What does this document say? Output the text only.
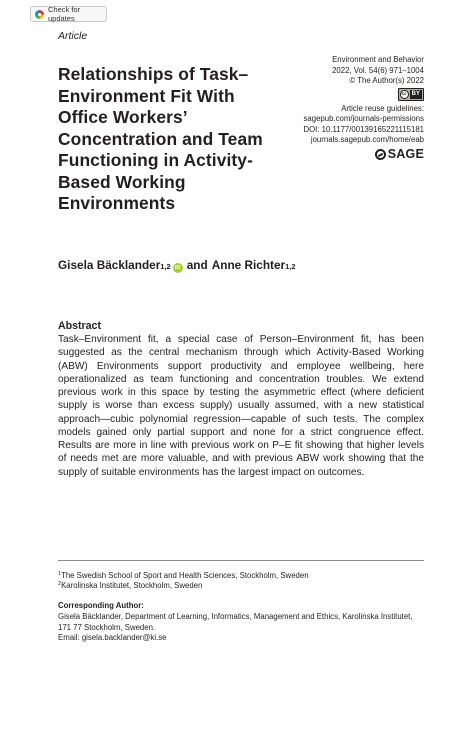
Check for updates
Article
Relationships of Task–Environment Fit With Office Workers’ Concentration and Team Functioning in Activity-Based Working Environments
Environment and Behavior
2022, Vol. 54(6) 971–1004
© The Author(s) 2022
cc BY
Article reuse guidelines:
sagepub.com/journals-permissions
DOI: 10.1177/00139165221115181
journals.sagepub.com/home/eab
SAGE
Gisela Bäcklander 1,2 iD and Anne Richter 1,2
Abstract

Task–Environment fit, a special case of Person–Environment fit, has been suggested as the central mechanism through which Activity-Based Working (ABW) Environments support productivity and employee wellbeing, here operationalized as team functioning and concentration troubles. We extend previous work in this space by testing the asymmetric effect (where deficient supply is worse than excess supply) usually assumed, with a new statistical approach—cubic polynomial regression—capable of such tests. The complex models gained only partial support and none for a strict congruence effect. Results are more in line with previous work on P–E fit showing that higher levels of needs met are more valuable, and with previous ABW work showing that the supply of suitable environments has the largest impact on outcomes.

$^1$The Swedish School of Sport and Health Sciences, Stockholm, Sweden
$^2$Karolinska Institutet, Stockholm, Sweden
Corresponding Author:
Gisela Bäcklander, Department of Learning, Informatics, Management and Ethics, Karolinska Institutet, 171 77 Stockholm, Sweden.
Email: gisela.backlander@ki.se
